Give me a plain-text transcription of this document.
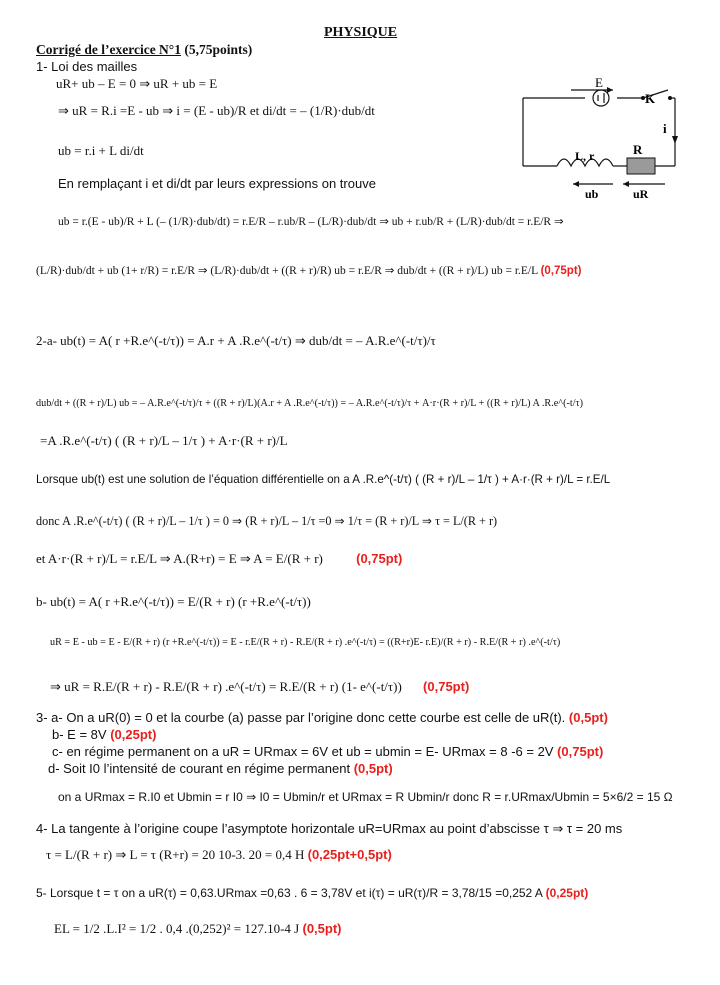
PHYSIQUE
Corrigé de l’exercice N°1 (5,75points)
E
K
i
L, r	R
ub	uR
1- Loi des mailles
uR+ ub – E = 0 ⇒ uR + ub = E
⇒ uR = R.i =E - ub ⇒ i = (E - ub)/R et di/dt = – (1/R)·dub/dt
ub = r.i + L di/dt
En remplaçant i et di/dt par leurs expressions on trouve
ub = r.(E - ub)/R + L (– (1/R)·dub/dt) = r.E/R – r.ub/R – (L/R)·dub/dt ⇒ ub + r.ub/R + (L/R)·dub/dt = r.E/R ⇒
(L/R)·dub/dt + ub (1+ r/R) = r.E/R ⇒ (L/R)·dub/dt + ((R + r)/R) ub = r.E/R ⇒ dub/dt + ((R + r)/L) ub = r.E/L (0,75pt)
2-a- ub(t) = A( r +R.e^(-t/τ)) = A.r + A .R.e^(-t/τ) ⇒ dub/dt = – A.R.e^(-t/τ)/τ
dub/dt + ((R + r)/L) ub = – A.R.e^(-t/τ)/τ + ((R + r)/L)(A.r + A .R.e^(-t/τ)) = – A.R.e^(-t/τ)/τ + A·r·(R + r)/L + ((R + r)/L) A .R.e^(-t/τ)
=A .R.e^(-t/τ) ( (R + r)/L – 1/τ ) + A·r·(R + r)/L
Lorsque ub(t) est une solution de l’équation différentielle on a A .R.e^(-t/τ) ( (R + r)/L – 1/τ ) + A·r·(R + r)/L = r.E/L
donc A .R.e^(-t/τ) ( (R + r)/L – 1/τ ) = 0 ⇒ (R + r)/L – 1/τ =0 ⇒ 1/τ = (R + r)/L ⇒ τ = L/(R + r)
et A·r·(R + r)/L = r.E/L ⇒ A.(R+r) = E ⇒ A = E/(R + r)	(0,75pt)
b- ub(t) = A( r +R.e^(-t/τ)) = E/(R + r) (r +R.e^(-t/τ))
uR = E - ub = E - E/(R + r) (r +R.e^(-t/τ)) = E - r.E/(R + r) - R.E/(R + r) .e^(-t/τ) = ((R+r)E- r.E)/(R + r) - R.E/(R + r) .e^(-t/τ)
⇒ uR = R.E/(R + r) - R.E/(R + r) .e^(-t/τ) = R.E/(R + r) (1- e^(-t/τ)) (0,75pt)
3- a- On a uR(0) = 0 et la courbe (a) passe par l’origine donc cette courbe est celle de uR(t). (0,5pt)
b- E = 8V (0,25pt)
c- en régime permanent on a uR = URmax = 6V et ub = ubmin = E- URmax = 8 -6 = 2V (0,75pt)
d- Soit I0 l’intensité de courant en régime permanent (0,5pt)
on a URmax = R.I0 et Ubmin = r I0 ⇒ I0 = Ubmin/r et URmax = R Ubmin/r donc R = r.URmax/Ubmin = 5×6/2 = 15 Ω
4- La tangente à l’origine coupe l’asymptote horizontale uR=URmax au point d’abscisse τ ⇒ τ = 20 ms
τ = L/(R + r) ⇒ L = τ (R+r) = 20 10-3. 20 = 0,4 H (0,25pt+0,5pt)
5- Lorsque t = τ on a uR(τ) = 0,63.URmax =0,63 . 6 = 3,78V et i(τ) = uR(τ)/R = 3,78/15 =0,252 A (0,25pt)
EL = 1/2 .L.I² = 1/2 . 0,4 .(0,252)² = 127.10-4 J (0,5pt)
